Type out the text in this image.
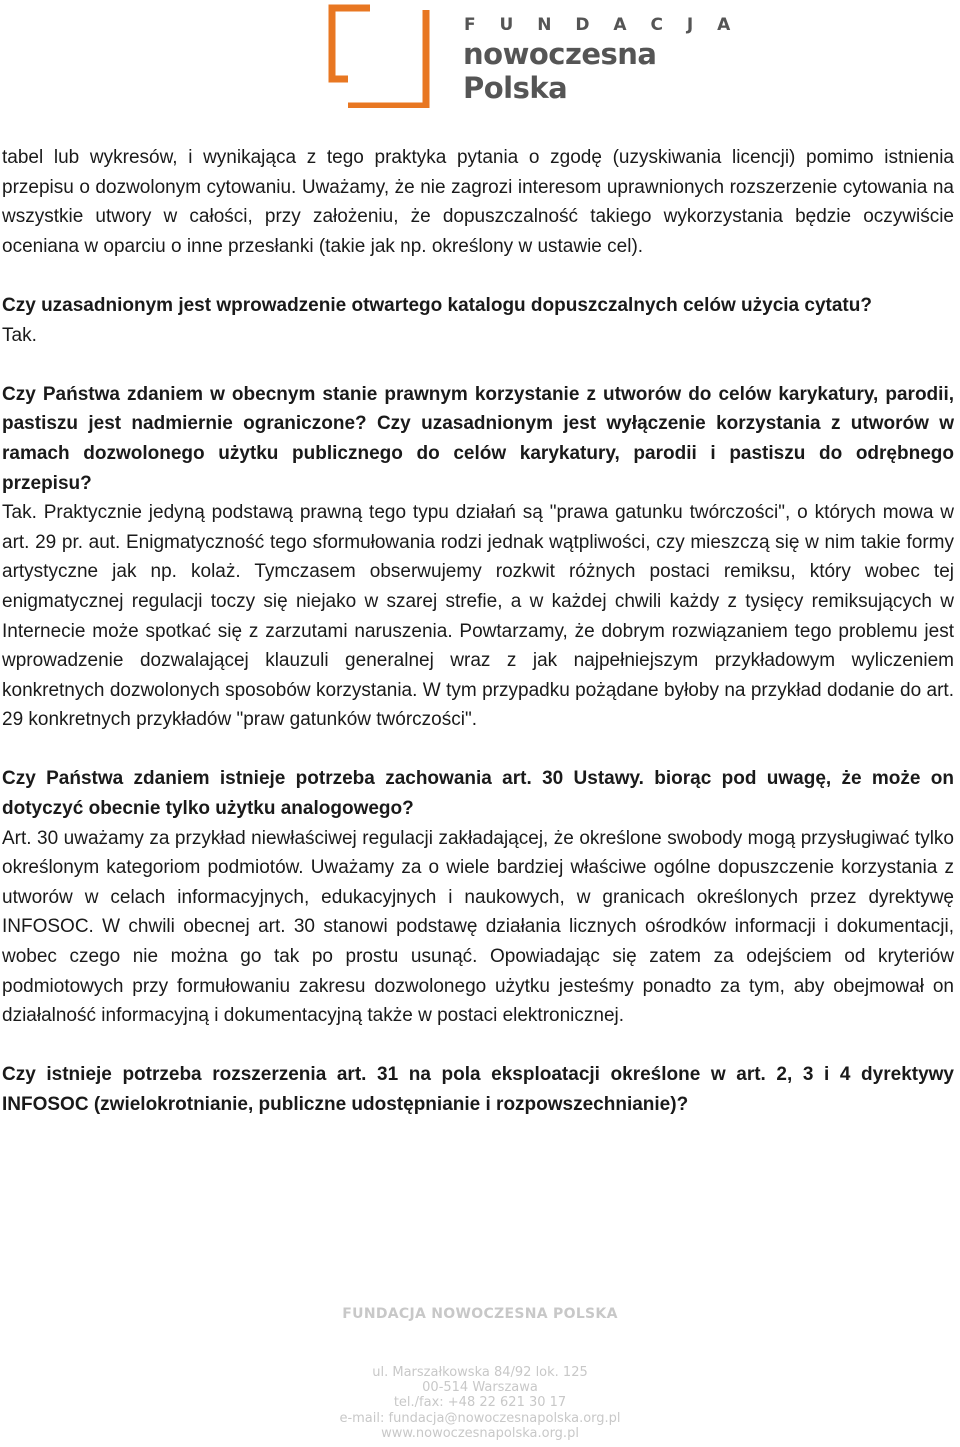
F U N D A C J A
nowoczesna
Polska

tabel lub wykresów, i wynikająca z tego praktyka pytania o zgodę (uzyskiwania licencji) pomimo istnienia przepisu o dozwolonym cytowaniu. Uważamy, że nie zagrozi interesom uprawnionych rozszerzenie cytowania na wszystkie utwory w całości, przy założeniu, że dopuszczalność takiego wykorzystania będzie oczywiście oceniana w oparciu o inne przesłanki (takie jak np. określony w ustawie cel).

Czy uzasadnionym jest wprowadzenie otwartego katalogu dopuszczalnych celów użycia cytatu?

Tak.

Czy Państwa zdaniem w obecnym stanie prawnym korzystanie z utworów do celów karykatury, parodii, pastiszu jest nadmiernie ograniczone? Czy uzasadnionym jest wyłączenie korzystania z utworów w ramach dozwolonego użytku publicznego do celów karykatury, parodii i pastiszu do odrębnego przepisu?

Tak. Praktycznie jedyną podstawą prawną tego typu działań są "prawa gatunku twórczości", o których mowa w art. 29 pr. aut. Enigmatyczność tego sformułowania rodzi jednak wątpliwości, czy mieszczą się w nim takie formy artystyczne jak np. kolaż. Tymczasem obserwujemy rozkwit różnych postaci remiksu, który wobec tej enigmatycznej regulacji toczy się niejako w szarej strefie, a w każdej chwili każdy z tysięcy remiksujących w Internecie może spotkać się z zarzutami naruszenia. Powtarzamy, że dobrym rozwiązaniem tego problemu jest wprowadzenie dozwalającej klauzuli generalnej wraz z jak najpełniejszym przykładowym wyliczeniem konkretnych dozwolonych sposobów korzystania. W tym przypadku pożądane byłoby na przykład dodanie do art. 29 konkretnych przykładów "praw gatunków twórczości".

Czy Państwa zdaniem istnieje potrzeba zachowania art. 30 Ustawy. biorąc pod uwagę, że może on dotyczyć obecnie tylko użytku analogowego?

Art. 30 uważamy za przykład niewłaściwej regulacji zakładającej, że określone swobody mogą przysługiwać tylko określonym kategoriom podmiotów. Uważamy za o wiele bardziej właściwe ogólne dopuszczenie korzystania z utworów w celach informacyjnych, edukacyjnych i naukowych, w granicach określonych przez dyrektywę INFOSOC. W chwili obecnej art. 30 stanowi podstawę działania licznych ośrodków informacji i dokumentacji, wobec czego nie można go tak po prostu usunąć. Opowiadając się zatem za odejściem od kryteriów podmiotowych przy formułowaniu zakresu dozwolonego użytku jesteśmy ponadto za tym, aby obejmował on działalność informacyjną i dokumentacyjną także w postaci elektronicznej.

Czy istnieje potrzeba rozszerzenia art. 31 na pola eksploatacji określone w art. 2, 3 i 4 dyrektywy INFOSOC (zwielokrotnianie, publiczne udostępnianie i rozpowszechnianie)?

FUNDACJA NOWOCZESNA POLSKA
ul. Marszałkowska 84/92 lok. 125
00-514 Warszawa
tel./fax: +48 22 621 30 17
e-mail: fundacja@nowoczesnapolska.org.pl
www.nowoczesnapolska.org.pl
